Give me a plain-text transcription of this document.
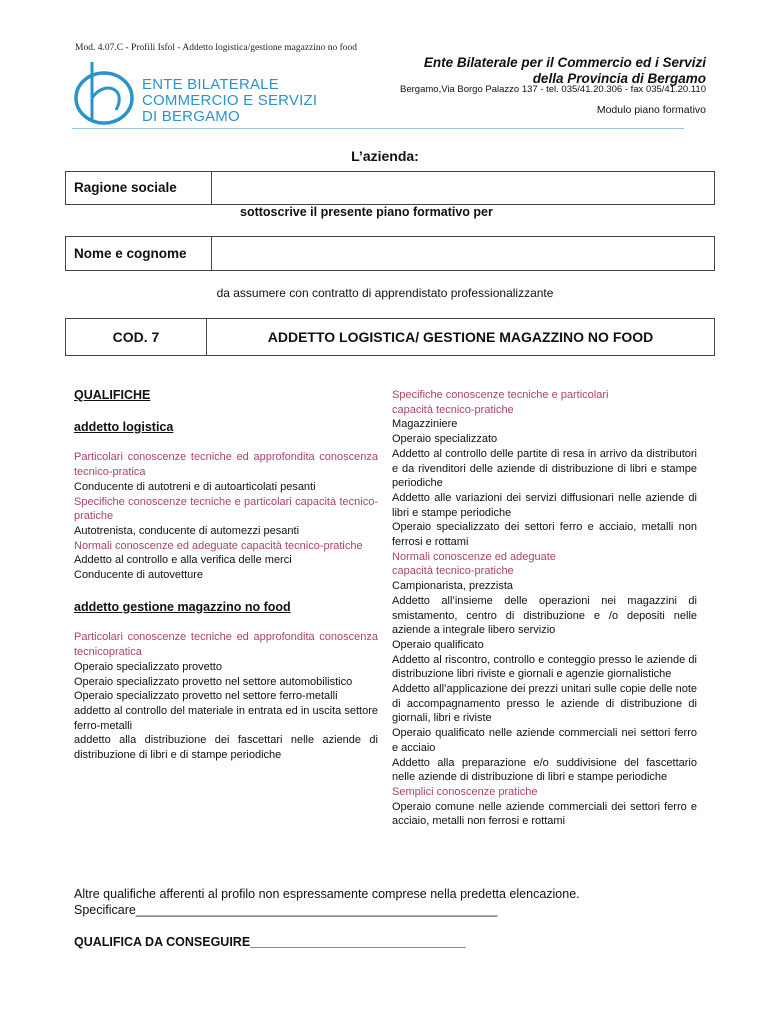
Mod. 4.07.C - Profili Isfol - Addetto logistica/gestione magazzino no food
ENTE BILATERALE
COMMERCIO E SERVIZI
DI BERGAMO
Ente Bilaterale per il Commercio ed i Servizi
della Provincia di Bergamo
Bergamo,Via Borgo Palazzo 137 - tel. 035/41.20.306 - fax 035/41.20.110
Modulo piano formativo
L’azienda:
Ragione sociale
sottoscrive il presente piano formativo per
Nome e cognome
da assumere con contratto di apprendistato professionalizzante
COD. 7	ADDETTO LOGISTICA/ GESTIONE MAGAZZINO NO FOOD

QUALIFICHE

addetto logistica

Particolari conoscenze tecniche ed approfondita conoscenza tecnico-pratica

Conducente di autotreni e di autoarticolati pesanti

Specifiche conoscenze tecniche e particolari capacità tecnico-pratiche

Autotrenista, conducente di automezzi pesanti

Normali conoscenze ed adeguate capacità tecnico-pratiche

Addetto al controllo e alla verifica delle merci

Conducente di autovetture

addetto gestione magazzino no food

Particolari conoscenze tecniche ed approfondita conoscenza tecnicopratica

Operaio specializzato provetto

Operaio specializzato provetto nel settore automobilistico

Operaio specializzato provetto nel settore ferro-metalli

addetto al controllo del materiale in entrata ed in uscita settore ferro-metalli

addetto alla distribuzione dei fascettari nelle aziende di distribuzione di libri e di stampe periodiche

Specifiche conoscenze tecniche e particolari capacità tecnico-pratiche

Magazziniere

Operaio specializzato

Addetto al controllo delle partite di resa in arrivo da distributori e da rivenditori delle aziende di distribuzione di libri e stampe periodiche

Addetto alle variazioni dei servizi diffusionari nelle aziende di libri e stampe periodiche

Operaio specializzato dei settori ferro e acciaio, metalli non ferrosi e rottami

Normali conoscenze ed adeguate capacità tecnico-pratiche

Campionarista, prezzista

Addetto all’insieme delle operazioni nei magazzini di smistamento, centro di distribuzione e /o depositi nelle aziende a integrale libero servizio

Operaio qualificato

Addetto al riscontro, controllo e conteggio presso le aziende di distribuzione libri riviste e giornali e agenzie giornalistiche

Addetto all’applicazione dei prezzi unitari sulle copie delle note di accompagnamento presso le aziende di distribuzione di giornali, libri e riviste

Operaio qualificato nelle aziende commerciali nei settori ferro e acciaio

Addetto alla preparazione e/o suddivisione del fascettario nelle aziende di distribuzione di libri e stampe periodiche

Semplici conoscenze pratiche

Operaio comune nelle aziende commerciali dei settori ferro e acciaio, metalli non ferrosi e rottami

Altre qualifiche afferenti al profilo non espressamente comprese nella predetta elencazione.
Specificare____________________________________________________
QUALIFICA DA CONSEGUIRE_______________________________
